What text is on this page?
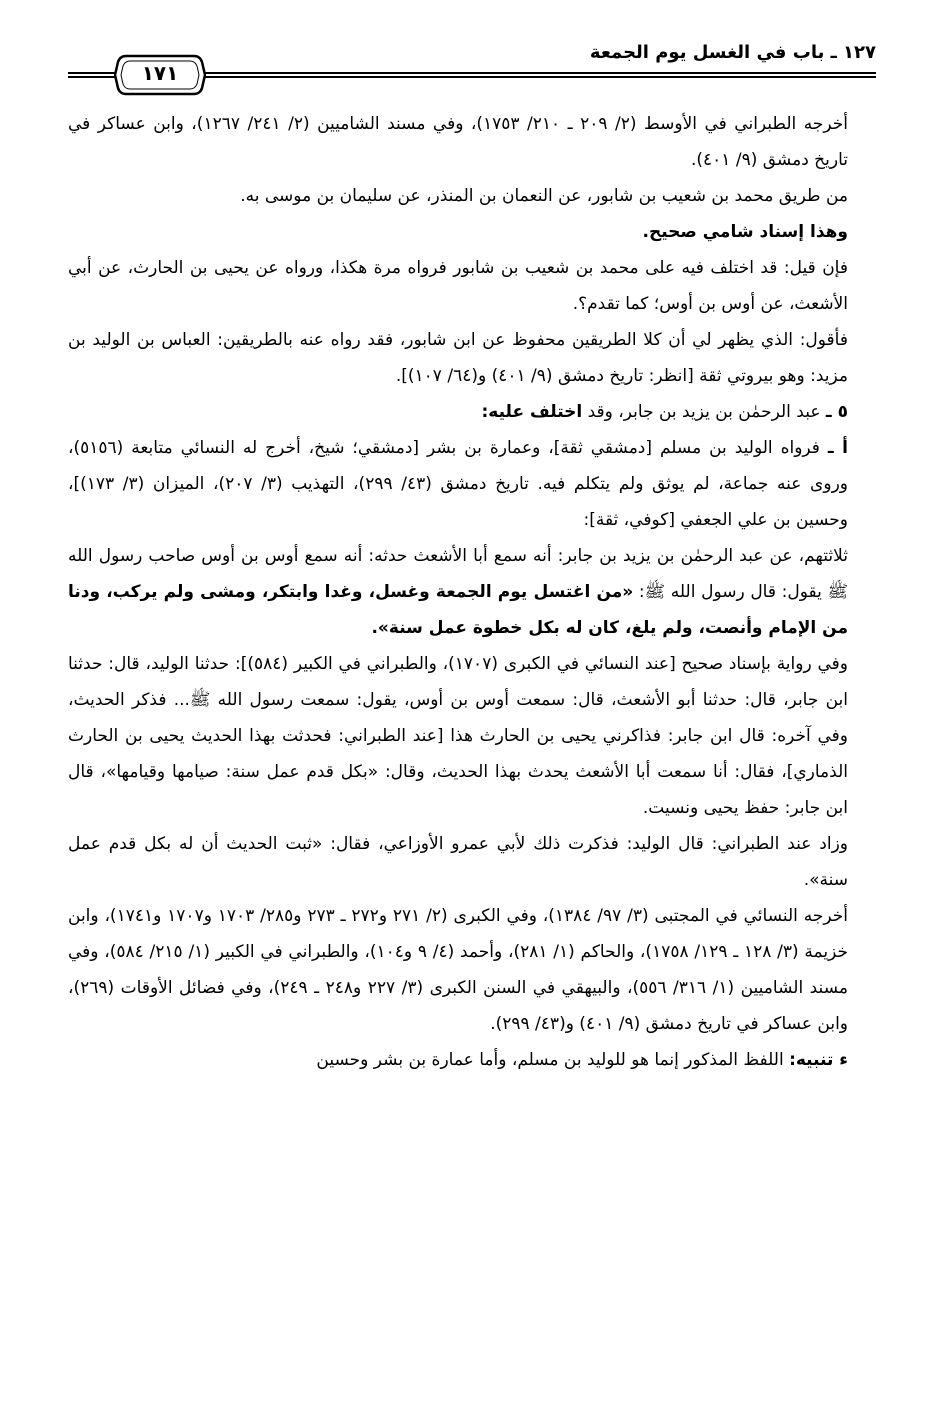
١٢٧ ـ باب في الغسل يوم الجمعة
١٧١

أخرجه الطبراني في الأوسط (٢/ ٢٠٩ ـ ٢١٠/ ١٧٥٣)، وفي مسند الشاميين (٢/ ٢٤١/ ١٢٦٧)، وابن عساكر في تاريخ دمشق (٩/ ٤٠١).

من طريق محمد بن شعيب بن شابور، عن النعمان بن المنذر، عن سليمان بن موسى به.

وهذا إسناد شامي صحيح.

فإن قيل: قد اختلف فيه على محمد بن شعيب بن شابور فرواه مرة هكذا، ورواه عن يحيى بن الحارث، عن أبي الأشعث، عن أوس بن أوس؛ كما تقدم؟.

فأقول: الذي يظهر لي أن كلا الطريقين محفوظ عن ابن شابور، فقد رواه عنه بالطريقين: العباس بن الوليد بن مزيد: وهو بيروتي ثقة [انظر: تاريخ دمشق (٩/ ٤٠١) و(٦٤/ ١٠٧)].

٥ ـ عبد الرحمٰن بن يزيد بن جابر، وقد اختلف عليه:

أ ـ فرواه الوليد بن مسلم [دمشقي ثقة]، وعمارة بن بشر [دمشقي؛ شيخ، أخرج له النسائي متابعة (٥١٥٦)، وروى عنه جماعة، لم يوثق ولم يتكلم فيه. تاريخ دمشق (٤٣/ ٢٩٩)، التهذيب (٣/ ٢٠٧)، الميزان (٣/ ١٧٣)]، وحسين بن علي الجعفي [كوفي، ثقة]:

ثلاثتهم، عن عبد الرحمٰن بن يزيد بن جابر: أنه سمع أبا الأشعث حدثه: أنه سمع أوس بن أوس صاحب رسول الله ﷺ يقول: قال رسول الله ﷺ: «من اغتسل يوم الجمعة وغسل، وغدا وابتكر، ومشى ولم يركب، ودنا من الإمام وأنصت، ولم يلغ، كان له بكل خطوة عمل سنة».

وفي رواية بإسناد صحيح [عند النسائي في الكبرى (١٧٠٧)، والطبراني في الكبير (٥٨٤)]: حدثنا الوليد، قال: حدثنا ابن جابر، قال: حدثنا أبو الأشعث، قال: سمعت أوس بن أوس، يقول: سمعت رسول الله ﷺ... فذكر الحديث، وفي آخره: قال ابن جابر: فذاكرني يحيى بن الحارث هذا [عند الطبراني: فحدثت بهذا الحديث يحيى بن الحارث الذماري]، فقال: أنا سمعت أبا الأشعث يحدث بهذا الحديث، وقال: «بكل قدم عمل سنة: صيامها وقيامها»، قال ابن جابر: حفظ يحيى ونسيت.

وزاد عند الطبراني: قال الوليد: فذكرت ذلك لأبي عمرو الأوزاعي، فقال: «ثبت الحديث أن له بكل قدم عمل سنة».

أخرجه النسائي في المجتبى (٣/ ٩٧/ ١٣٨٤)، وفي الكبرى (٢/ ٢٧١ و٢٧٢ ـ ٢٧٣ و٢٨٥/ ١٧٠٣ و١٧٠٧ و١٧٤١)، وابن خزيمة (٣/ ١٢٨ ـ ١٢٩/ ١٧٥٨)، والحاكم (١/ ٢٨١)، وأحمد (٤/ ٩ و١٠٤)، والطبراني في الكبير (١/ ٢١٥/ ٥٨٤)، وفي مسند الشاميين (١/ ٣١٦/ ٥٥٦)، والبيهقي في السنن الكبرى (٣/ ٢٢٧ و٢٤٨ ـ ٢٤٩)، وفي فضائل الأوقات (٢٦٩)، وابن عساكر في تاريخ دمشق (٩/ ٤٠١) و(٤٣/ ٢٩٩).

ء تنبيه: اللفظ المذكور إنما هو للوليد بن مسلم، وأما عمارة بن بشر وحسين
